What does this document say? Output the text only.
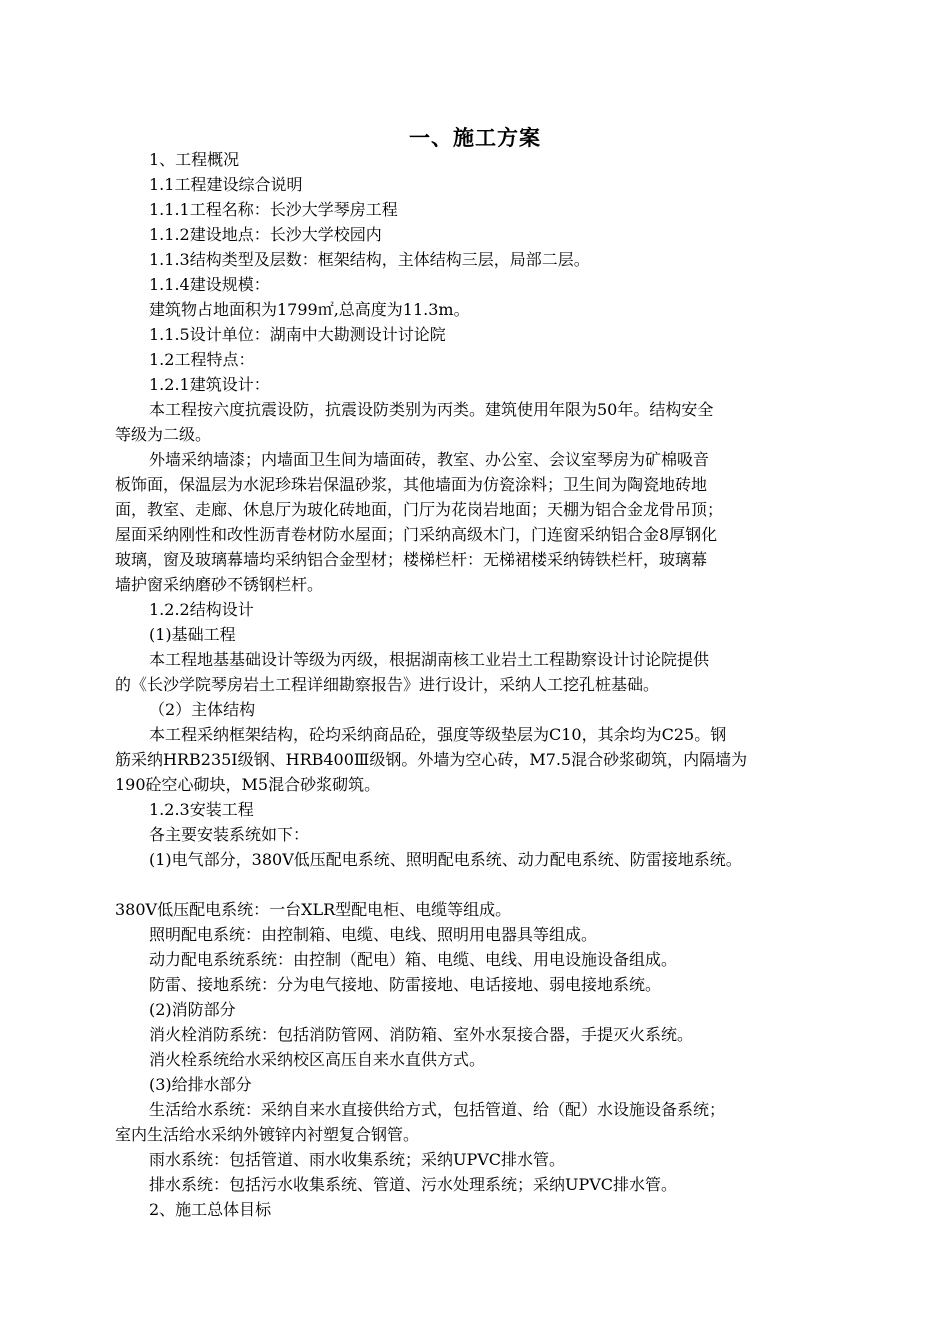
一、施工方案
1、工程概况
1.1工程建设综合说明
1.1.1工程名称：长沙大学琴房工程
1.1.2建设地点：长沙大学校园内
1.1.3结构类型及层数：框架结构，主体结构三层，局部二层。
1.1.4建设规模：
建筑物占地面积为1799㎡,总高度为11.3m。
1.1.5设计单位：湖南中大勘测设计讨论院
1.2工程特点：
1.2.1建筑设计：
本工程按六度抗震设防，抗震设防类别为丙类。建筑使用年限为50年。结构安全
等级为二级。
外墙采纳墙漆；内墙面卫生间为墙面砖，教室、办公室、会议室琴房为矿棉吸音
板饰面，保温层为水泥珍珠岩保温砂浆，其他墙面为仿瓷涂料；卫生间为陶瓷地砖地
面，教室、走廊、休息厅为玻化砖地面，门厅为花岗岩地面；天棚为铝合金龙骨吊顶；
屋面采纳刚性和改性沥青卷材防水屋面；门采纳高级木门，门连窗采纳铝合金8厚钢化
玻璃，窗及玻璃幕墙均采纳铝合金型材；楼梯栏杆：无梯裙楼采纳铸铁栏杆，玻璃幕
墙护窗采纳磨砂不锈钢栏杆。
1.2.2结构设计
(1)基础工程
本工程地基基础设计等级为丙级，根据湖南核工业岩土工程勘察设计讨论院提供
的《长沙学院琴房岩土工程详细勘察报告》进行设计，采纳人工挖孔桩基础。
（2）主体结构
本工程采纳框架结构，砼均采纳商品砼，强度等级垫层为C10，其余均为C25。钢
筋采纳HRB235Ⅰ级钢、HRB400Ⅲ级钢。外墙为空心砖，M7.5混合砂浆砌筑，内隔墙为
190砼空心砌块，M5混合砂浆砌筑。
1.2.3安装工程
各主要安装系统如下：
(1)电气部分，380V低压配电系统、照明配电系统、动力配电系统、防雷接地系统。
380V低压配电系统：一台XLR型配电柜、电缆等组成。
照明配电系统：由控制箱、电缆、电线、照明用电器具等组成。
动力配电系统系统：由控制（配电）箱、电缆、电线、用电设施设备组成。
防雷、接地系统：分为电气接地、防雷接地、电话接地、弱电接地系统。
(2)消防部分
消火栓消防系统：包括消防管网、消防箱、室外水泵接合器，手提灭火系统。
消火栓系统给水采纳校区高压自来水直供方式。
(3)给排水部分
生活给水系统：采纳自来水直接供给方式，包括管道、给（配）水设施设备系统；
室内生活给水采纳外镀锌内衬塑复合钢管。
雨水系统：包括管道、雨水收集系统；采纳UPVC排水管。
排水系统：包括污水收集系统、管道、污水处理系统；采纳UPVC排水管。
2、施工总体目标
